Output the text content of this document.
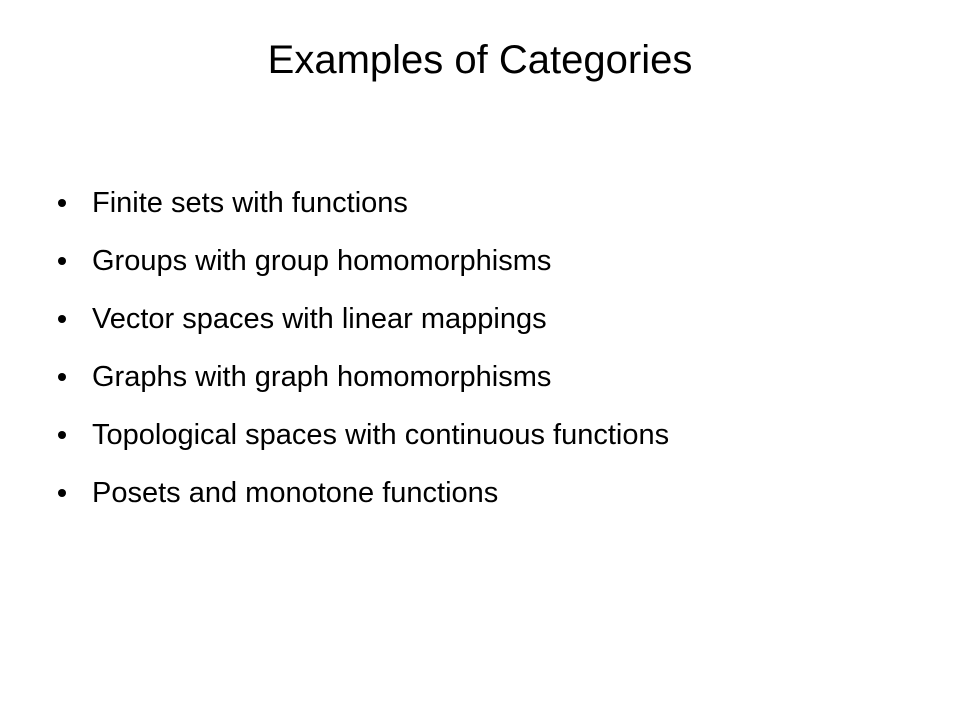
Examples of Categories
Finite sets with functions
Groups with group homomorphisms
Vector spaces with linear mappings
Graphs with graph homomorphisms
Topological spaces with continuous functions
Posets and monotone functions
